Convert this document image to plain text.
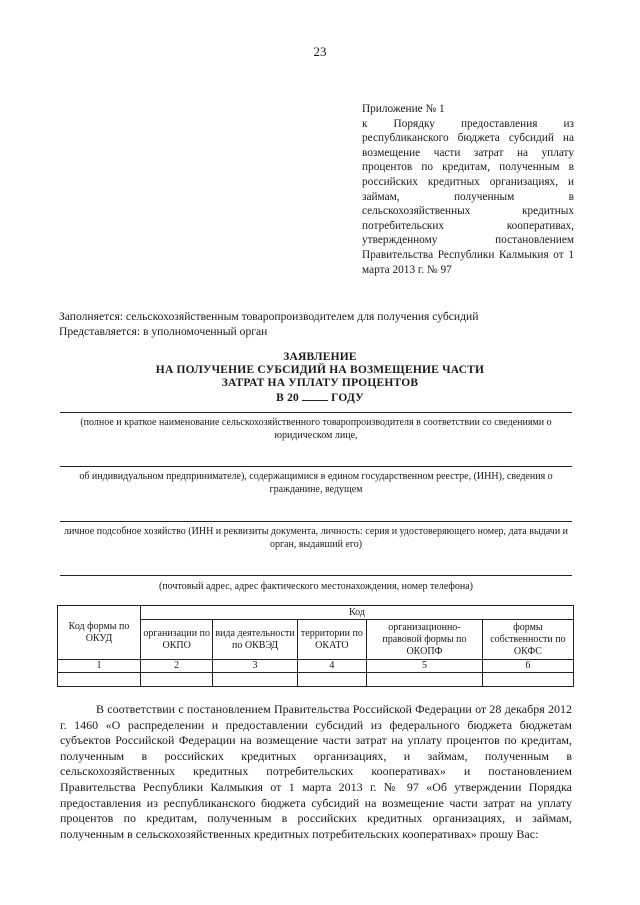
23
Приложение № 1
к Порядку предоставления из республиканского бюджета субсидий на возмещение части затрат на уплату процентов по кредитам, полученным в российских кредитных организациях, и займам, полученным в сельскохозяйственных кредитных потребительских кооперативах, утвержденному постановлением Правительства Республики Калмыкия от 1 марта 2013 г. № 97
Заполняется: сельскохозяйственным товаропроизводителем для получения субсидий
Представляется: в уполномоченный орган
ЗАЯВЛЕНИЕ
НА ПОЛУЧЕНИЕ СУБСИДИЙ НА ВОЗМЕЩЕНИЕ ЧАСТИ
ЗАТРАТ НА УПЛАТУ ПРОЦЕНТОВ
В 20	ГОДУ
(полное и краткое наименование сельскохозяйственного товаропроизводителя в соответствии со сведениями о юридическом лице,
об индивидуальном предпринимателе), содержащимися в едином государственном реестре, (ИНН), сведения о гражданине, ведущем
личное подсобное хозяйство (ИНН и реквизиты документа, личность: серия и удостоверяющего номер, дата выдачи и орган, выдавший его)
(почтовый адрес, адрес фактического местонахождения, номер телефона)
Код формы по ОКУД	Код				
	организации по ОКПО	вида деятельности по ОКВЭД	территории по ОКАТО	организационно-правовой формы по ОКОПФ	формы собственности по ОКФС
1	2	3	4	5	6

В соответствии с постановлением Правительства Российской Федерации от 28 декабря 2012 г. 1460 «О распределении и предоставлении субсидий из федерального бюджета бюджетам субъектов Российской Федерации на возмещение части затрат на уплату процентов по кредитам, полученным в российских кредитных организациях, и займам, полученным в сельскохозяйственных кредитных потребительских кооперативах» и постановлением Правительства Республики Калмыкия от 1 марта 2013 г. № 97 «Об утверждении Порядка предоставления из республиканского бюджета субсидий на возмещение части затрат на уплату процентов по кредитам, полученным в российских кредитных организациях, и займам, полученным в сельскохозяйственных кредитных потребительских кооперативах» прошу Вас:
